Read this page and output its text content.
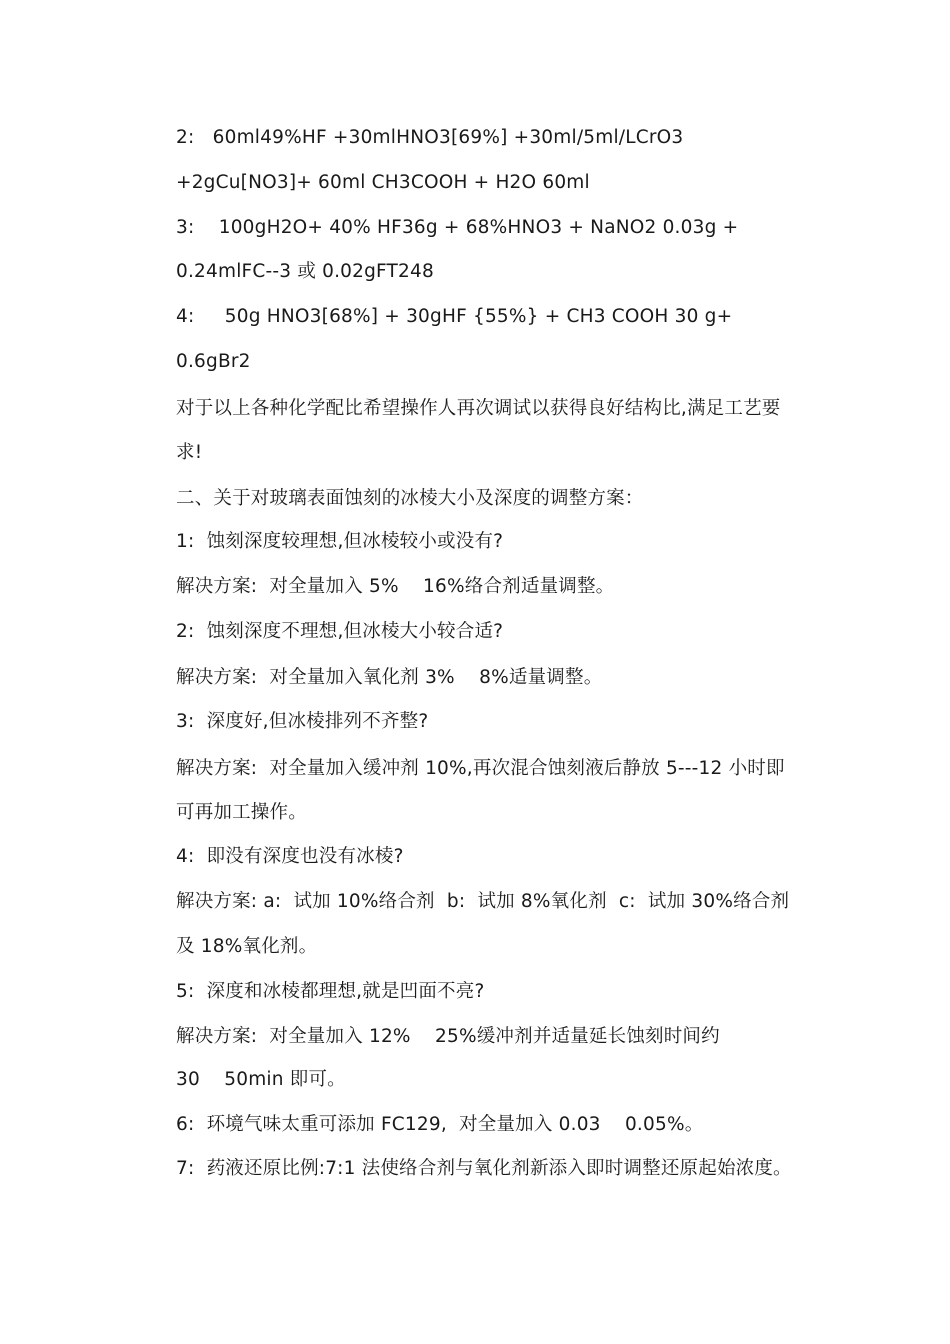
2:   60ml49%HF +30mlHNO3[69%] +30ml/5ml/LCrO3
+2gCu[NO3]+ 60ml CH3COOH + H2O 60ml
3:    100gH2O+ 40% HF36g + 68%HNO3 + NaNO2 0.03g +
0.24mlFC--3 或 0.02gFT248
4:     50g HNO3[68%] + 30gHF {55%} + CH3 COOH 30 g+
0.6gBr2
对于以上各种化学配比希望操作人再次调试以获得良好结构比,满足工艺要
求!
二、关于对玻璃表面蚀刻的冰棱大小及深度的调整方案：
1:  蚀刻深度较理想,但冰棱较小或没有?
解决方案:  对全量加入 5%    16%络合剂适量调整。
2:  蚀刻深度不理想,但冰棱大小较合适?
解决方案:  对全量加入氧化剂 3%    8%适量调整。
3:  深度好,但冰棱排列不齐整?
解决方案:  对全量加入缓冲剂 10%,再次混合蚀刻液后静放 5---12 小时即
可再加工操作。
4:  即没有深度也没有冰棱?
解决方案: a:  试加 10%络合剂  b:  试加 8%氧化剂  c:  试加 30%络合剂
及 18%氧化剂。
5:  深度和冰棱都理想,就是凹面不亮?
解决方案:  对全量加入 12%    25%缓冲剂并适量延长蚀刻时间约
30    50min 即可。
6:  环境气味太重可添加 FC129,  对全量加入 0.03    0.05%。
7:  药液还原比例:7:1 法使络合剂与氧化剂新添入即时调整还原起始浓度。
